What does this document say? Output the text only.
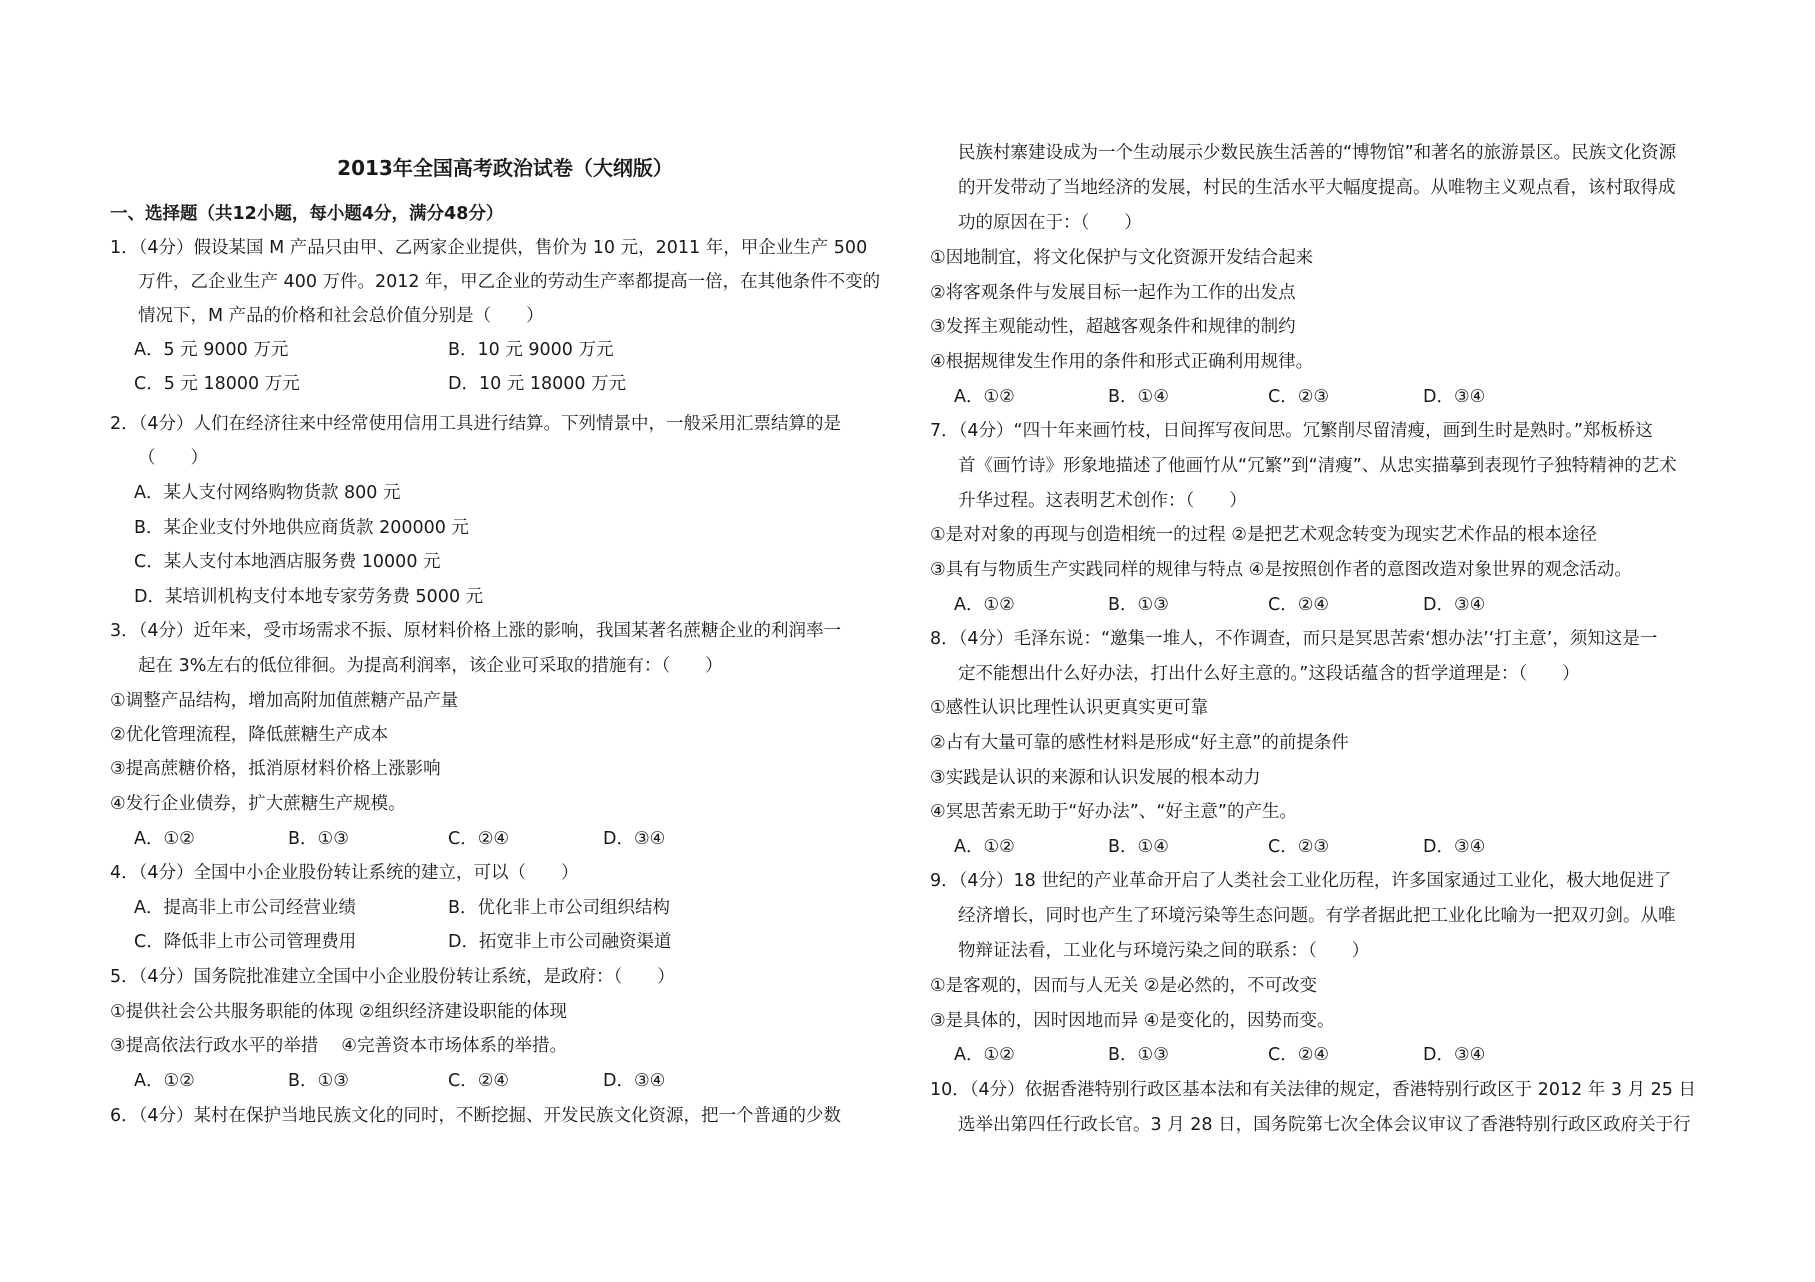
2013年全国高考政治试卷（大纲版）
一、选择题（共12小题，每小题4分，满分48分）
1．（4分）假设某国 M 产品只由甲、乙两家企业提供，售价为 10 元，2011 年，甲企业生产 500
万件，乙企业生产 400 万件。2012 年，甲乙企业的劳动生产率都提高一倍，在其他条件不变的
情况下，M 产品的价格和社会总价值分别是（　　）
A．5 元 9000 万元	B．10 元 9000 万元
C．5 元 18000 万元	D．10 元 18000 万元
2．（4分）人们在经济往来中经常使用信用工具进行结算。下列情景中，一般采用汇票结算的是
（　　）
A．某人支付网络购物货款 800 元
B．某企业支付外地供应商货款 200000 元
C．某人支付本地酒店服务费 10000 元
D．某培训机构支付本地专家劳务费 5000 元
3．（4分）近年来，受市场需求不振、原材料价格上涨的影响，我国某著名蔗糖企业的利润率一
起在 3%左右的低位徘徊。为提高利润率，该企业可采取的措施有：（　　）
①调整产品结构，增加高附加值蔗糖产品产量
②优化管理流程，降低蔗糖生产成本
③提高蔗糖价格，抵消原材料价格上涨影响
④发行企业债券，扩大蔗糖生产规模。
A．①②	B．①③	C．②④	D．③④
4．（4分）全国中小企业股份转让系统的建立，可以（　　）
A．提高非上市公司经营业绩	B．优化非上市公司组织结构
C．降低非上市公司管理费用	D．拓宽非上市公司融资渠道
5．（4分）国务院批准建立全国中小企业股份转让系统，是政府：（　　）
①提供社会公共服务职能的体现 ②组织经济建设职能的体现
③提高依法行政水平的举措　 ④完善资本市场体系的举措。
A．①②	B．①③	C．②④	D．③④
6．（4分）某村在保护当地民族文化的同时，不断挖掘、开发民族文化资源，把一个普通的少数
民族村寨建设成为一个生动展示少数民族生活善的“博物馆”和著名的旅游景区。民族文化资源
的开发带动了当地经济的发展，村民的生活水平大幅度提高。从唯物主义观点看，该村取得成
功的原因在于：（　　）
①因地制宜，将文化保护与文化资源开发结合起来
②将客观条件与发展目标一起作为工作的出发点
③发挥主观能动性，超越客观条件和规律的制约
④根据规律发生作用的条件和形式正确利用规律。
A．①②	B．①④	C．②③	D．③④
7．（4分）“四十年来画竹枝，日间挥写夜间思。冗繁削尽留清瘦，画到生时是熟时。”郑板桥这
首《画竹诗》形象地描述了他画竹从“冗繁”到“清瘦”、从忠实描摹到表现竹子独特精神的艺术
升华过程。这表明艺术创作：（　　）
①是对对象的再现与创造相统一的过程 ②是把艺术观念转变为现实艺术作品的根本途径
③具有与物质生产实践同样的规律与特点 ④是按照创作者的意图改造对象世界的观念活动。
A．①②	B．①③	C．②④	D．③④
8．（4分）毛泽东说：“邀集一堆人，不作调查，而只是冥思苦索‘想办法’‘打主意’，须知这是一
定不能想出什么好办法，打出什么好主意的。”这段话蕴含的哲学道理是：（　　）
①感性认识比理性认识更真实更可靠
②占有大量可靠的感性材料是形成“好主意”的前提条件
③实践是认识的来源和认识发展的根本动力
④冥思苦索无助于“好办法”、“好主意”的产生。
A．①②	B．①④	C．②③	D．③④
9．（4分）18 世纪的产业革命开启了人类社会工业化历程，许多国家通过工业化，极大地促进了
经济增长，同时也产生了环境污染等生态问题。有学者据此把工业化比喻为一把双刃剑。从唯
物辩证法看，工业化与环境污染之间的联系：（　　）
①是客观的，因而与人无关 ②是必然的，不可改变
③是具体的，因时因地而异 ④是变化的，因势而变。
A．①②	B．①③	C．②④	D．③④
10．（4分）依据香港特别行政区基本法和有关法律的规定，香港特别行政区于 2012 年 3 月 25 日
选举出第四任行政长官。3 月 28 日，国务院第七次全体会议审议了香港特别行政区政府关于行
